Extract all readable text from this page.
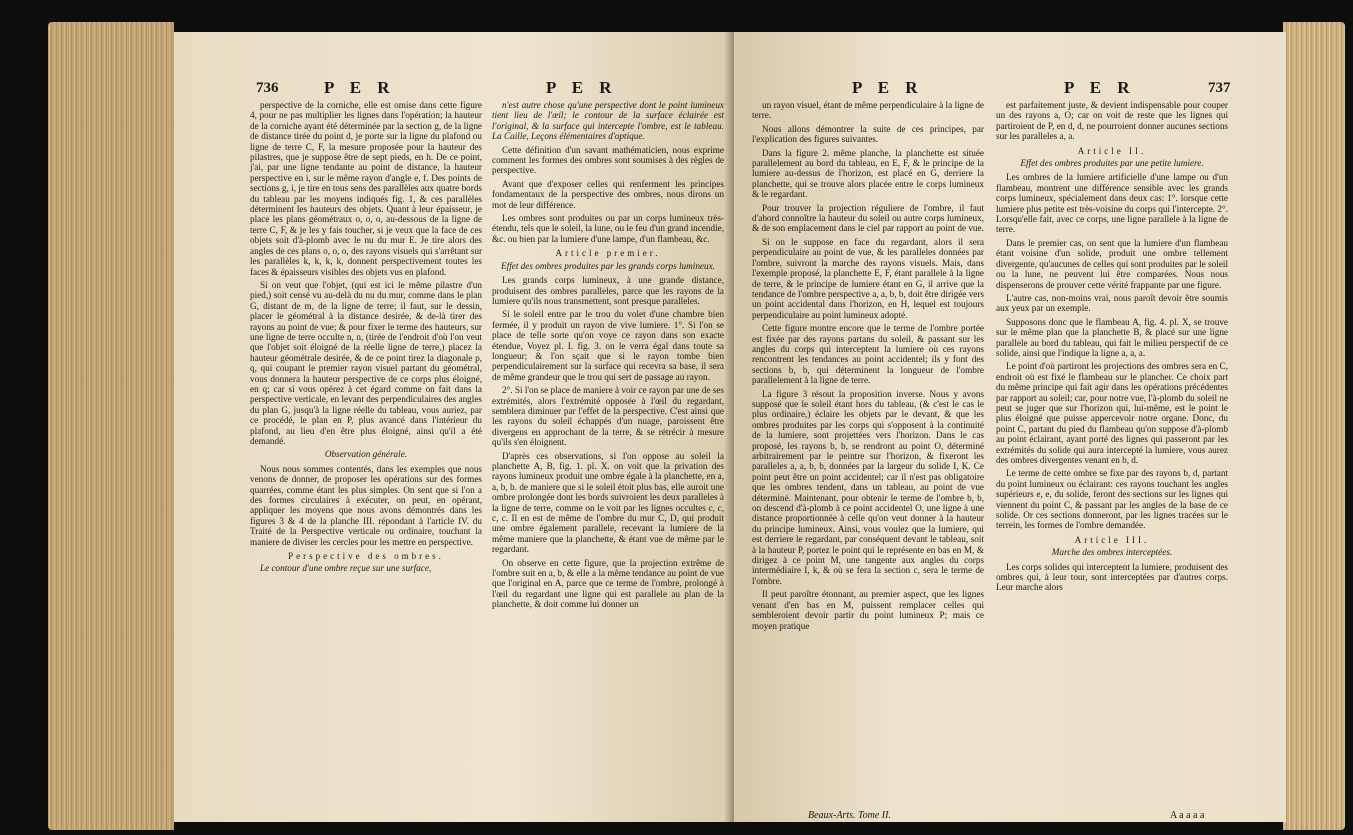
736	P E R	P E R

perspective de la corniche, elle est omise dans cette figure 4, pour ne pas multiplier les lignes dans l'opération; la hauteur de la corniche ayant été déterminée par la section g, de la ligne de distance tirée du point d, je porte sur la ligne du plafond ou ligne de terre C, F, la mesure proposée pour la hauteur des pilastres, que je suppose être de sept pieds, en h. De ce point, j'ai, par une ligne tendante au point de distance, la hauteur perspective en i, sur le même rayon d'angle e, f. Des points de sections g, i, je tire en tous sens des parallèles aux quatre bords du tableau par les moyens indiqués fig. 1, & ces parallèles déterminent les hauteurs des objets. Quant à leur épaisseur, je place les plans géométraux o, o, o, au-dessous de la ligne de terre C, F, & je les y fais toucher, si je veux que la face de ces objets soit d'à-plomb avec le nu du mur E. Je tire alors des angles de ces plans o, o, o, des rayons visuels qui s'arrêtant sur les parallèles k, k, k, k, donnent perspectivement toutes les faces & épaisseurs visibles des objets vus en plafond.

Si on veut que l'objet, (qui est ici le même pilastre d'un pied,) soit censé vu au-delà du nu du mur, comme dans le plan G, distant de m, de la ligne de terre; il faut, sur le dessin, placer le géométral à la distance desirée, & de-là tirer des rayons au point de vue; & pour fixer le terme des hauteurs, sur une ligne de terre occulte n, n, (tirée de l'endroit d'où l'on veut que l'objet soit éloigné de la réelle ligne de terre,) placez la hauteur géométrale desirée, & de ce point tirez la diagonale p, q, qui coupant le premier rayon visuel partant du géométral, vous donnera la hauteur perspective de ce corps plus éloigné, en q; car si vous opérez à cet égard comme on fait dans la perspective verticale, en levant des perpendiculaires des angles du plan G, jusqu'à la ligne réelle du tableau, vous auriez, par ce procédé, le plan en P, plus avancé dans l'intérieur du plafond, au lieu d'en être plus éloigné, ainsi qu'il a été demandé.

Observation générale.

Nous nous sommes contentés, dans les exemples que nous venons de donner, de proposer les opérations sur des formes quarrées, comme étant les plus simples. On sent que si l'on a des formes circulaires à exécuter, on peut, en opérant, appliquer les moyens que nous avons démontrés dans les figures 3 & 4 de la planche III. répondant à l'article IV. du Traité de la Perspective verticale ou ordinaire, touchant la maniere de diviser les cercles pour les mettre en perspective.

Perspective des ombres.

Le contour d'une ombre reçue sur une surface,

n'est autre chose qu'une perspective dont le point lumineux tient lieu de l'œil; le contour de la surface éclairée est l'original, & la surface qui intercepte l'ombre, est le tableau. La Caille, Leçons élémentaires d'optique.

Cette définition d'un savant mathématicien, nous exprime comment les formes des ombres sont soumises à des règles de perspective.

Avant que d'exposer celles qui renferment les principes fondamentaux de la perspective des ombres, nous dirons un mot de leur différence.

Les ombres sont produites ou par un corps lumineux très-étendu, tels que le soleil, la lune, ou le feu d'un grand incendie, &c. ou bien par la lumiere d'une lampe, d'un flambeau, &c.

Article premier.

Effet des ombres produites par les grands corps lumineux.

Les grands corps lumineux, à une grande distance, produisent des ombres paralleles, parce que les rayons de la lumiere qu'ils nous transmettent, sont presque paralleles.

Si le soleil entre par le trou du volet d'une chambre bien fermée, il y produit un rayon de vive lumiere. 1°. Si l'on se place de telle sorte qu'on voye ce rayon dans son exacte étendue, Voyez pl. I. fig. 3. on le verra égal dans toute sa longueur; & l'on sçait que si le rayon tombe bien perpendiculairement sur la surface qui recevra sa base, il sera de même grandeur que le trou qui sert de passage au rayon.

2°. Si l'on se place de maniere à voir ce rayon par une de ses extrémités, alors l'extrémité opposée à l'œil du regardant, semblera diminuer par l'effet de la perspective. C'est ainsi que les rayons du soleil échappés d'un nuage, paroissent être divergens en approchant de la terre, & se rétrécir à mesure qu'ils s'en éloignent.

D'après ces observations, si l'on oppose au soleil la planchette A, B, fig. 1. pl. X. on voit que la privation des rayons lumineux produit une ombre égale à la planchette, en a, a, b, b. de maniere que si le soleil étoit plus bas, elle auroit une ombre prolongée dont les bords suivroient les deux paralleles à la ligne de terre, comme on le voit par les lignes occultes c, c, c, c. Il en est de même de l'ombre du mur C, D, qui produit une ombre également parallele, recevant la lumiere de la même maniere que la planchette, & étant vue de même par le regardant.

On observe en cette figure, que la projection extrême de l'ombre suit en a, b, & elle a la même tendance au point de vue que l'original en A, parce que ce terme de l'ombre, prolongé à l'œil du regardant une ligne qui est parallele au plan de la planchette, & doit comme lui donner un

P E R	P E R	737

un rayon visuel, étant de même perpendiculaire à la ligne de terre.

Nous allons démontrer la suite de ces principes, par l'explication des figures suivantes.

Dans la figure 2. même planche, la planchette est située parallelement au bord du tableau, en E, F, & le principe de la lumiere au-dessus de l'horizon, est placé en G, derriere la planchette, qui se trouve alors placée entre le corps lumineux & le regardant.

Pour trouver la projection réguliere de l'ombre, il faut d'abord connoître la hauteur du soleil ou autre corps lumineux, & de son emplacement dans le ciel par rapport au point de vue.

Si on le suppose en face du regardant, alors il sera perpendiculaire au point de vue, & les paralleles données par l'ombre, suivront la marche des rayons visuels. Mais, dans l'exemple proposé, la planchette E, F, étant parallele à la ligne de terre, & le principe de lumiere étant en G, il arrive que la tendance de l'ombre perspective a, a, b, b, doit être dirigée vers un point accidental dans l'horizon, en H, lequel est toujours perpendiculaire au point lumineux adopté.

Cette figure montre encore que le terme de l'ombre portée est fixée par des rayons partans du soleil, & passant sur les angles du corps qui interceptent la lumiere où ces rayons rencontrent les tendances au point accidentel; ils y font des sections b, b, qui déterminent la longueur de l'ombre parallelement à la ligne de terre.

La figure 3 résout la proposition inverse. Nous y avons supposé que le soleil étant hors du tableau, (& c'est le cas le plus ordinaire,) éclaire les objets par le devant, & que les ombres produites par les corps qui s'opposent à la continuité de la lumiere, sont projettées vers l'horizon. Dans le cas proposé, les rayons b, b, se rendront au point O, déterminé arbitrairement par le peintre sur l'horizon, & fixeront les paralleles a, a, b, b, données par la largeur du solide I, K. Ce point peut être un point accidentel; car il n'est pas obligatoire que les ombres tendent, dans un tableau, au point de vue déterminé. Maintenant, pour obtenir le terme de l'ombre b, b, on descend d'à-plomb à ce point accidentel O, une ligne à une distance proportionnée à celle qu'on veut donner à la hauteur du principe lumineux. Ainsi, vous voulez que la lumiere, qui est derriere le regardant, par conséquent devant le tableau, soit à la hauteur P, portez le point qui le représente en bas en M, & dirigez à ce point M, une tangente aux angles du corps intermédiaire I, k, & où se fera la section c, sera le terme de l'ombre.

Il peut paroître étonnant, au premier aspect, que les lignes venant d'en bas en M, puissent remplacer celles qui sembleroient devoir partir du point lumineux P; mais ce moyen pratique

Beaux-Arts. Tome II.

est parfaitement juste, & devient indispensable pour couper un des rayons a, O; car on voit de reste que les lignes qui partiroient de P, en d, d, ne pourroient donner aucunes sections sur les paralleles a, a.

Article II.

Effet des ombres produites par une petite lumiere.

Les ombres de la lumiere artificielle d'une lampe ou d'un flambeau, montrent une différence sensible avec les grands corps lumineux, spécialement dans deux cas: 1°. lorsque cette lumiere plus petite est très-voisine du corps qui l'intercepte. 2°. Lorsqu'elle fait, avec ce corps, une ligne parallele à la ligne de terre.

Dans le premier cas, on sent que la lumiere d'un flambeau étant voisine d'un solide, produit une ombre tellement divergente, qu'aucunes de celles qui sont produites par le soleil ou la lune, ne peuvent lui être comparées. Nous nous dispenserons de prouver cette vérité frappante par une figure.

L'autre cas, non-moins vrai, nous paroît devoir être soumis aux yeux par un exemple.

Supposons donc que le flambeau A, fig. 4. pl. X, se trouve sur le même plan que la planchette B, & placé sur une ligne parallele au bord du tableau, qui fait le milieu perspectif de ce solide, ainsi que l'indique la ligne a, a, a.

Le point d'où partiront les projections des ombres sera en C, endroit où est fixé le flambeau sur le plancher. Ce choix part du même principe qui fait agir dans les opérations précédentes par rapport au soleil; car, pour notre vue, l'à-plomb du soleil ne peut se juger que sur l'horizon qui, lui-même, est le point le plus éloigné que puisse appercevoir notre organe. Donc, du point C, partant du pied du flambeau qu'on suppose d'à-plomb au point éclairant, ayant porté des lignes qui passeront par les extrémités du solide qui aura intercepté la lumiere, vous aurez des ombres divergentes venant en b, d.

Le terme de cette ombre se fixe par des rayons b, d, partant du point lumineux ou éclairant: ces rayons touchant les angles supérieurs e, e, du solide, feront des sections sur les lignes qui viennent du point C, & passant par les angles de la base de ce solide. Or ces sections donneront, par les lignes tracées sur le terrein, les formes de l'ombre demandée.

Article III.

Marche des ombres interceptées.

Les corps solides qui interceptent la lumiere, produisent des ombres qui, à leur tour, sont interceptées par d'autres corps. Leur marche alors

A a a a a
